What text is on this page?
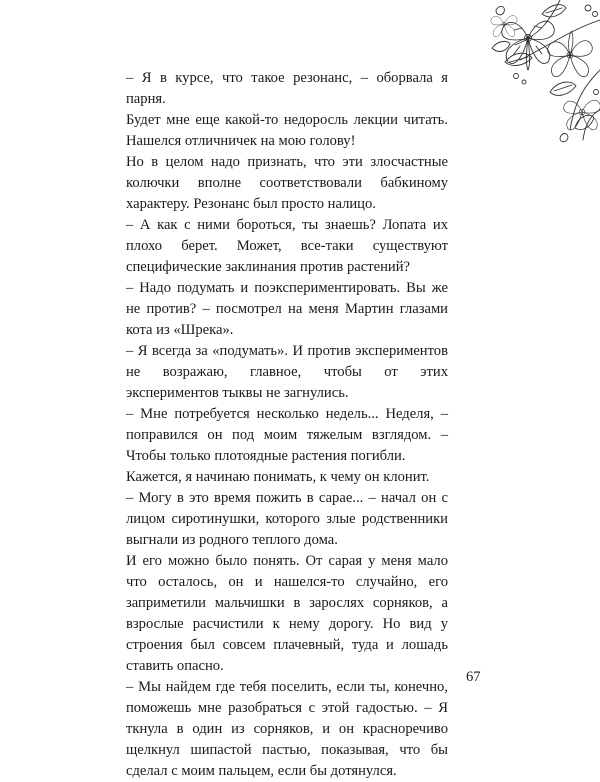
– Я в курсе, что такое резонанс, – оборвала я парня.

Будет мне еще какой-то недоросль лекции читать. Нашелся отличничек на мою голову!

Но в целом надо признать, что эти злосчастные колючки вполне соответствовали бабкиному характеру. Резонанс был просто налицо.

– А как с ними бороться, ты знаешь? Лопата их плохо берет. Может, все-таки существуют специфические заклинания против растений?

– Надо подумать и поэкспериментировать. Вы же не против? – посмотрел на меня Мартин глазами кота из «Шрека».

– Я всегда за «подумать». И против экспериментов не возражаю, главное, чтобы от этих экспериментов тыквы не загнулись.

– Мне потребуется несколько недель... Неделя, – поправился он под моим тяжелым взглядом. – Чтобы только плотоядные растения погибли.

Кажется, я начинаю понимать, к чему он клонит.

– Могу в это время пожить в сарае... – начал он с лицом сиротинушки, которого злые родственники выгнали из родного теплого дома.

И его можно было понять. От сарая у меня мало что осталось, он и нашелся-то случайно, его заприметили мальчишки в зарослях сорняков, а взрослые расчистили к нему дорогу. Но вид у строения был совсем плачевный, туда и лошадь ставить опасно.

– Мы найдем где тебя поселить, если ты, конечно, поможешь мне разобраться с этой гадостью. – Я ткнула в один из сорняков, и он красноречиво щелкнул шипастой пастью, показывая, что бы сделал с моим пальцем, если бы дотянулся.

67
